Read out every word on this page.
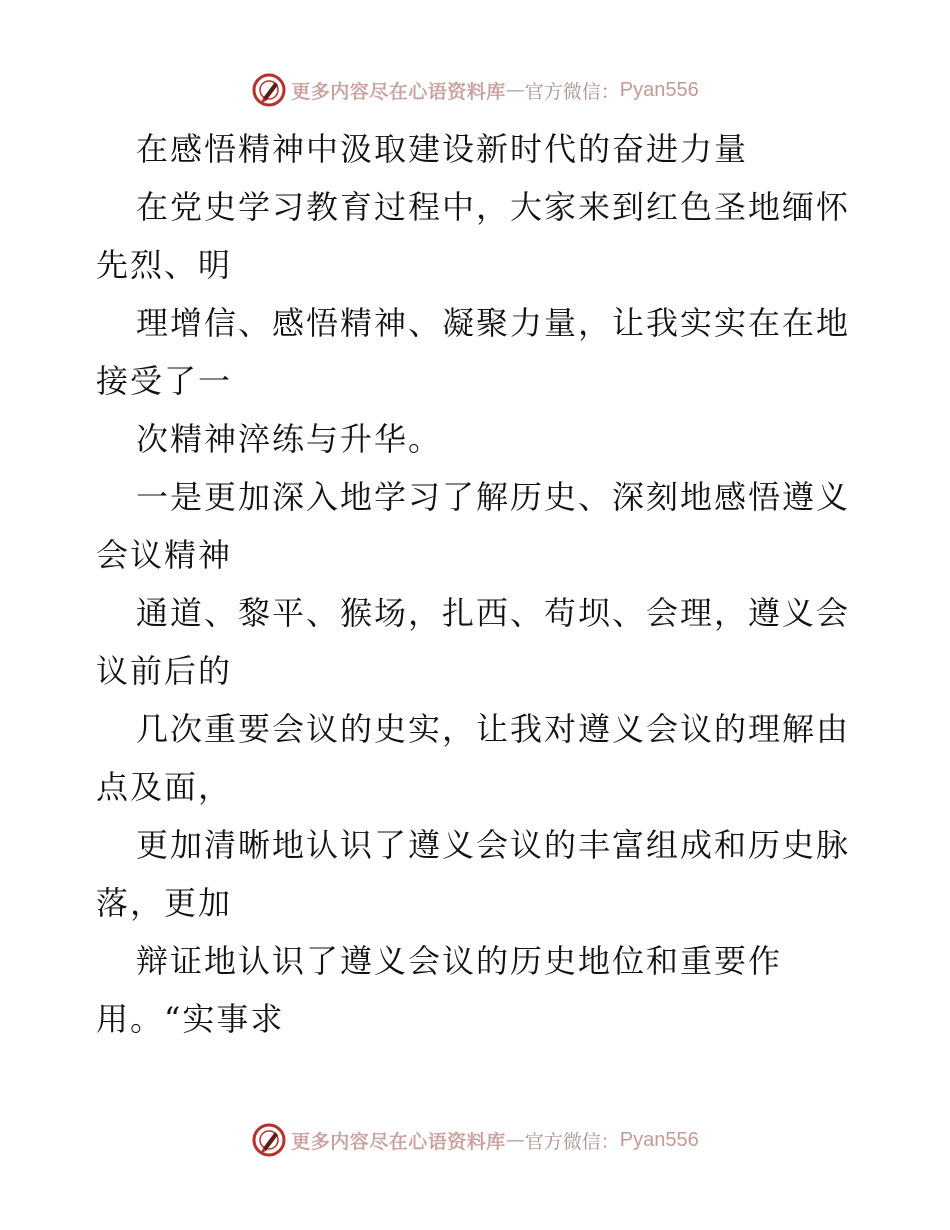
更多内容尽在心语资料库 — 官方微信： Pyan556

在感悟精神中汲取建设新时代的奋进力量

在党史学习教育过程中，大家来到红色圣地缅怀

先烈、明

理增信、感悟精神、凝聚力量，让我实实在在地

接受了一

次精神淬练与升华。

一是更加深入地学习了解历史、深刻地感悟遵义

会议精神

通道、黎平、猴场，扎西、苟坝、会理，遵义会

议前后的

几次重要会议的史实，让我对遵义会议的理解由

点及面，

更加清晰地认识了遵义会议的丰富组成和历史脉

落，更加

辩证地认识了遵义会议的历史地位和重要作

用。“实事求

更多内容尽在心语资料库 — 官方微信： Pyan556
